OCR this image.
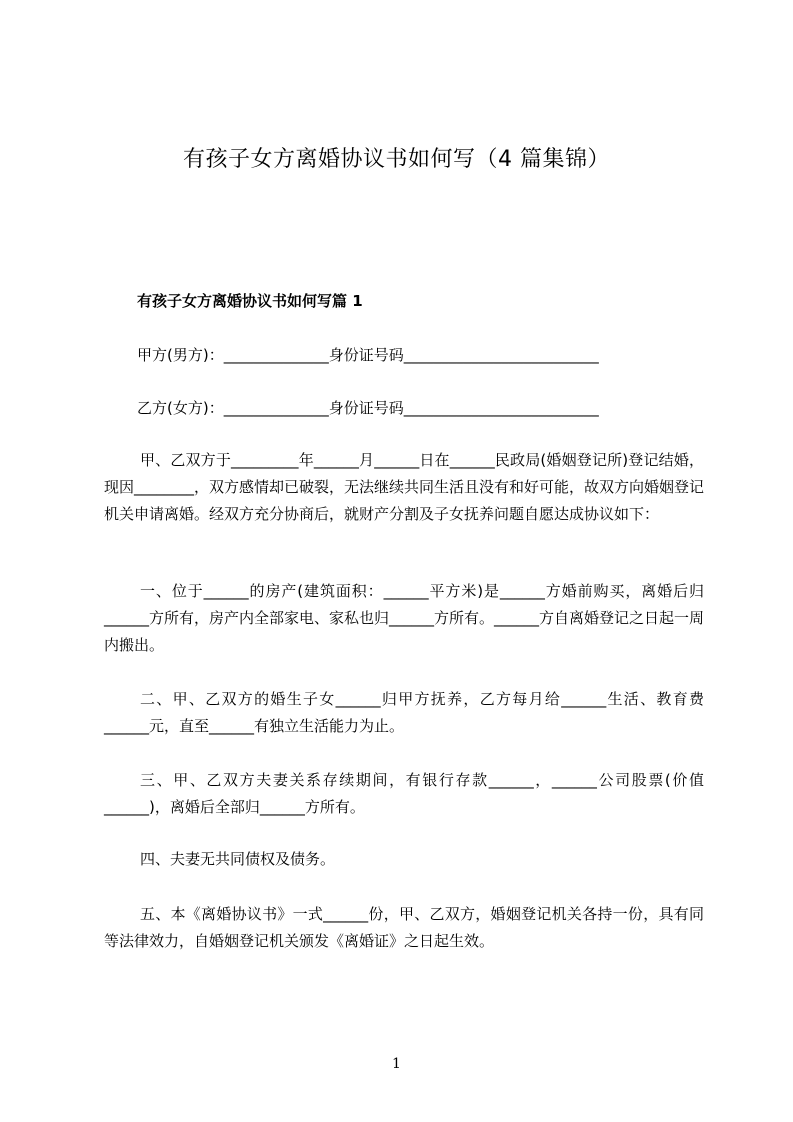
有孩子女方离婚协议书如何写（4 篇集锦）
有孩子女方离婚协议书如何写篇 1
甲方(男方)：______________身份证号码__________________________
乙方(女方)：______________身份证号码__________________________
甲、乙双方于_________年______月______日在______民政局(婚姻登记所)登记结婚，现因________，双方感情却已破裂，无法继续共同生活且没有和好可能，故双方向婚姻登记机关申请离婚。经双方充分协商后，就财产分割及子女抚养问题自愿达成协议如下：
一、位于______的房产(建筑面积：______平方米)是______方婚前购买，离婚后归______方所有，房产内全部家电、家私也归______方所有。______方自离婚登记之日起一周内搬出。
二、甲、乙双方的婚生子女______归甲方抚养，乙方每月给______生活、教育费______元，直至______有独立生活能力为止。
三、甲、乙双方夫妻关系存续期间，有银行存款______，______公司股票(价值______)，离婚后全部归______方所有。
四、夫妻无共同债权及债务。
五、本《离婚协议书》一式______份，甲、乙双方，婚姻登记机关各持一份，具有同等法律效力，自婚姻登记机关颁发《离婚证》之日起生效。
1
